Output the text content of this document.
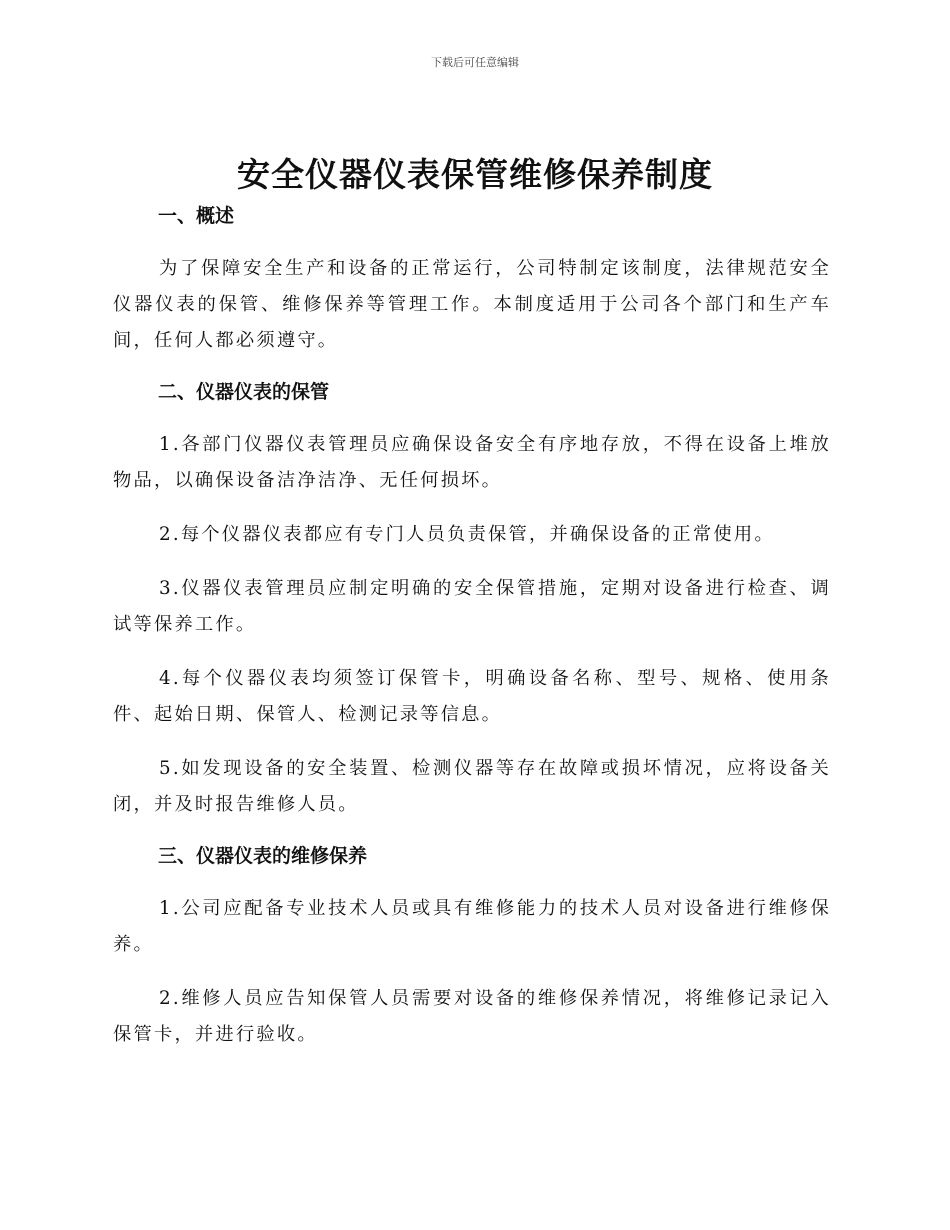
下载后可任意编辑
安全仪器仪表保管维修保养制度
一、概述

为了保障安全生产和设备的正常运行，公司特制定该制度，法律规范安全仪器仪表的保管、维修保养等管理工作。本制度适用于公司各个部门和生产车间，任何人都必须遵守。

二、仪器仪表的保管

1.各部门仪器仪表管理员应确保设备安全有序地存放，不得在设备上堆放物品，以确保设备洁净洁净、无任何损坏。

2.每个仪器仪表都应有专门人员负责保管，并确保设备的正常使用。

3.仪器仪表管理员应制定明确的安全保管措施，定期对设备进行检查、调试等保养工作。

4.每个仪器仪表均须签订保管卡，明确设备名称、型号、规格、使用条件、起始日期、保管人、检测记录等信息。

5.如发现设备的安全装置、检测仪器等存在故障或损坏情况，应将设备关闭，并及时报告维修人员。

三、仪器仪表的维修保养

1.公司应配备专业技术人员或具有维修能力的技术人员对设备进行维修保养。

2.维修人员应告知保管人员需要对设备的维修保养情况，将维修记录记入保管卡，并进行验收。
